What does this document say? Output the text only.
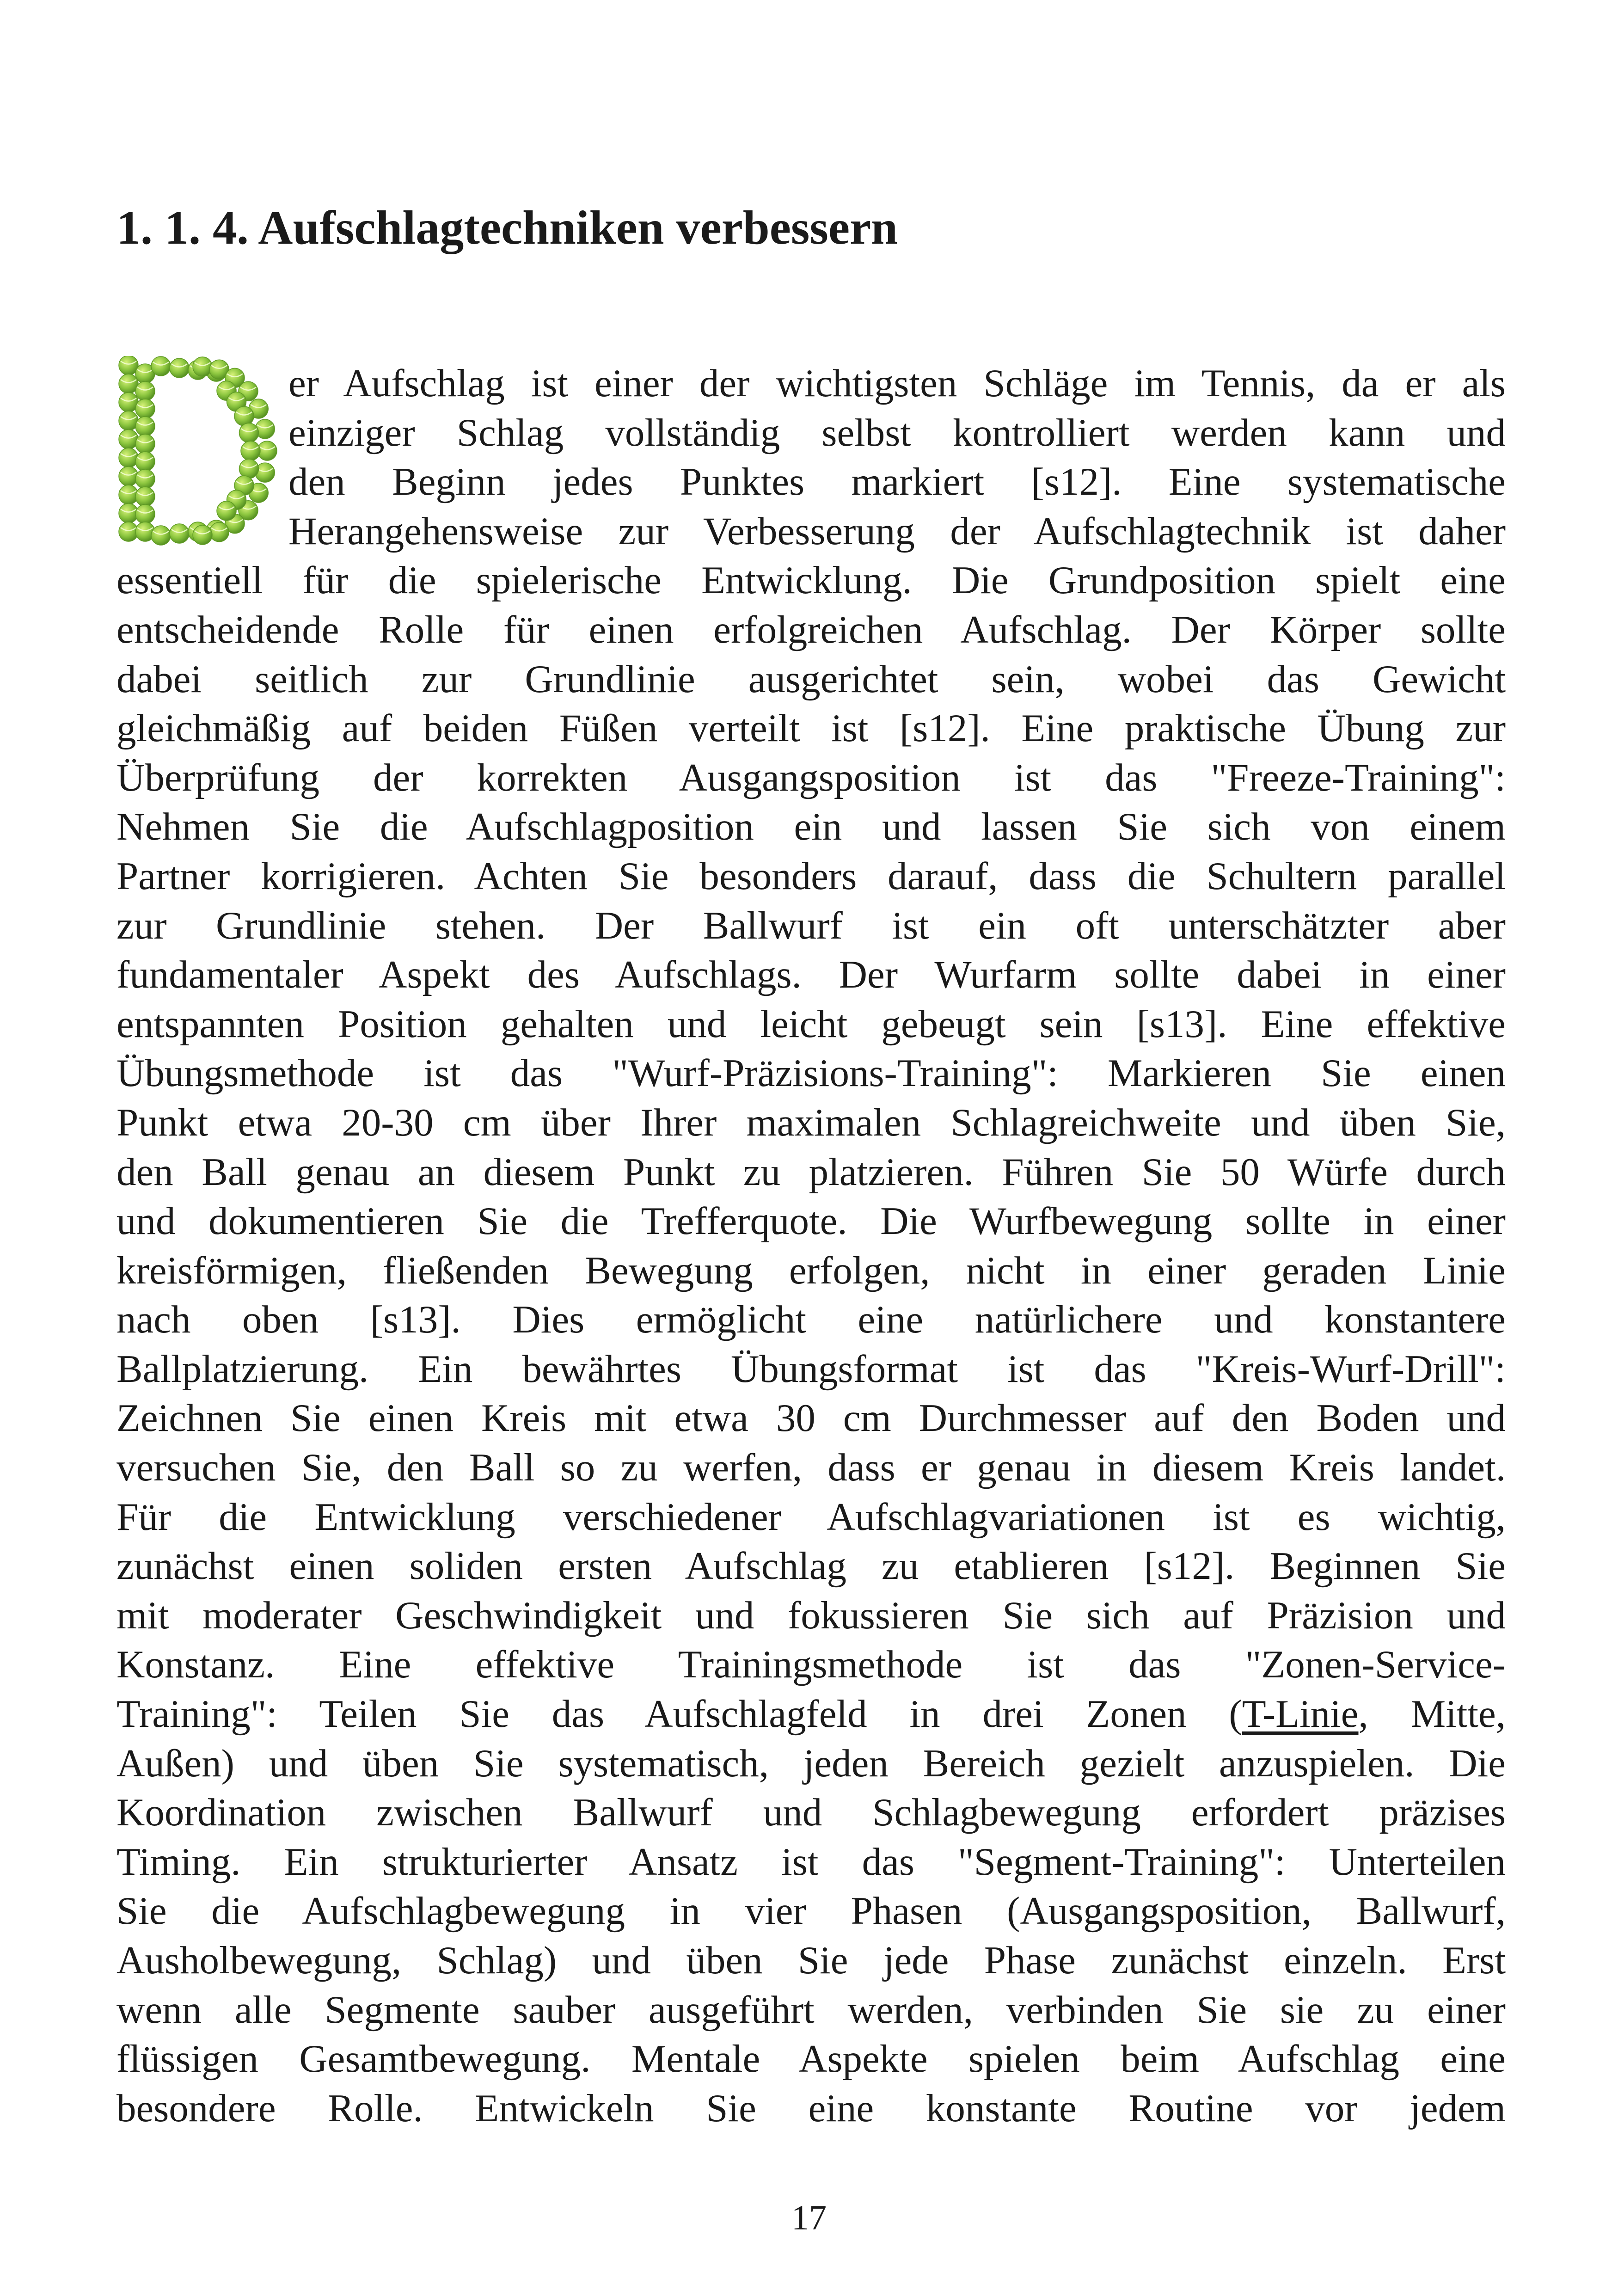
1. 1. 4. Aufschlagtechniken verbessern
er Aufschlag ist einer der wichtigsten Schläge im Tennis, da er als
einziger Schlag vollständig selbst kontrolliert werden kann und
den Beginn jedes Punktes markiert [s12]. Eine systematische
Herangehensweise zur Verbesserung der Aufschlagtechnik ist daher
essentiell für die spielerische Entwicklung. Die Grundposition spielt eine
entscheidende Rolle für einen erfolgreichen Aufschlag. Der Körper sollte
dabei seitlich zur Grundlinie ausgerichtet sein, wobei das Gewicht
gleichmäßig auf beiden Füßen verteilt ist [s12]. Eine praktische Übung zur
Überprüfung der korrekten Ausgangsposition ist das "Freeze-Training":
Nehmen Sie die Aufschlagposition ein und lassen Sie sich von einem
Partner korrigieren. Achten Sie besonders darauf, dass die Schultern parallel
zur Grundlinie stehen. Der Ballwurf ist ein oft unterschätzter aber
fundamentaler Aspekt des Aufschlags. Der Wurfarm sollte dabei in einer
entspannten Position gehalten und leicht gebeugt sein [s13]. Eine effektive
Übungsmethode ist das "Wurf-Präzisions-Training": Markieren Sie einen
Punkt etwa 20-30 cm über Ihrer maximalen Schlagreichweite und üben Sie,
den Ball genau an diesem Punkt zu platzieren. Führen Sie 50 Würfe durch
und dokumentieren Sie die Trefferquote. Die Wurfbewegung sollte in einer
kreisförmigen, fließenden Bewegung erfolgen, nicht in einer geraden Linie
nach oben [s13]. Dies ermöglicht eine natürlichere und konstantere
Ballplatzierung. Ein bewährtes Übungsformat ist das "Kreis-Wurf-Drill":
Zeichnen Sie einen Kreis mit etwa 30 cm Durchmesser auf den Boden und
versuchen Sie, den Ball so zu werfen, dass er genau in diesem Kreis landet.
Für die Entwicklung verschiedener Aufschlagvariationen ist es wichtig,
zunächst einen soliden ersten Aufschlag zu etablieren [s12]. Beginnen Sie
mit moderater Geschwindigkeit und fokussieren Sie sich auf Präzision und
Konstanz. Eine effektive Trainingsmethode ist das "Zonen-Service-
Training": Teilen Sie das Aufschlagfeld in drei Zonen (T-Linie, Mitte,
Außen) und üben Sie systematisch, jeden Bereich gezielt anzuspielen. Die
Koordination zwischen Ballwurf und Schlagbewegung erfordert präzises
Timing. Ein strukturierter Ansatz ist das "Segment-Training": Unterteilen
Sie die Aufschlagbewegung in vier Phasen (Ausgangsposition, Ballwurf,
Ausholbewegung, Schlag) und üben Sie jede Phase zunächst einzeln. Erst
wenn alle Segmente sauber ausgeführt werden, verbinden Sie sie zu einer
flüssigen Gesamtbewegung. Mentale Aspekte spielen beim Aufschlag eine
besondere Rolle. Entwickeln Sie eine konstante Routine vor jedem
17
